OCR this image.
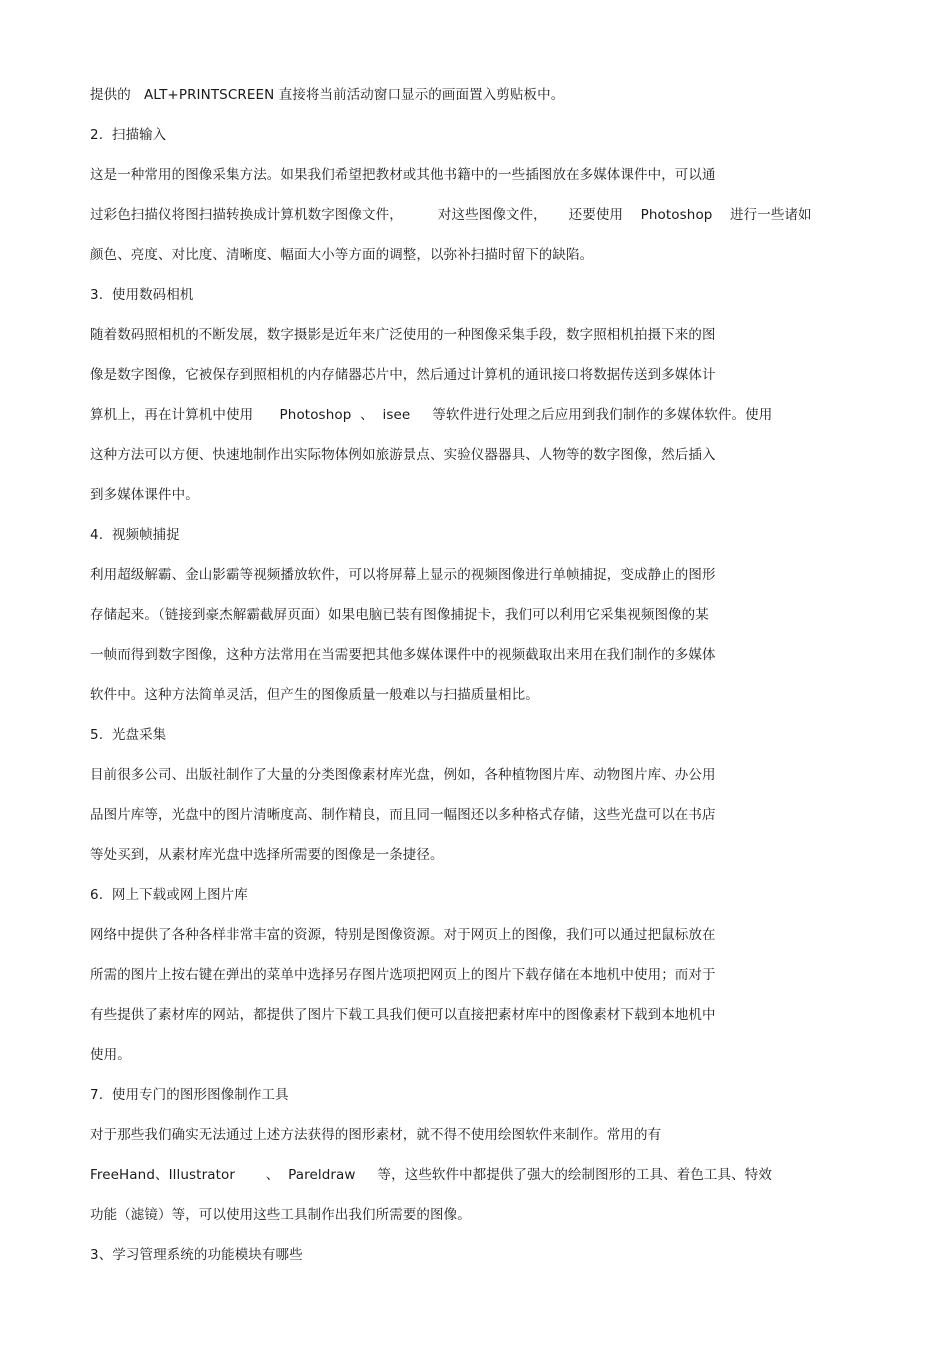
提供的   ALT+PRINTSCREEN 直接将当前活动窗口显示的画面置入剪贴板中。
2.  扫描输入
这是一种常用的图像采集方法。如果我们希望把教材或其他书籍中的一些插图放在多媒体课件中，可以通
过彩色扫描仪将图扫描转换成计算机数字图像文件，        对这些图像文件，     还要使用    Photoshop    进行一些诸如
颜色、亮度、对比度、清晰度、幅面大小等方面的调整，以弥补扫描时留下的缺陷。
3.  使用数码相机
随着数码照相机的不断发展，数字摄影是近年来广泛使用的一种图像采集手段，数字照相机拍摄下来的图
像是数字图像，它被保存到照相机的内存储器芯片中，然后通过计算机的通讯接口将数据传送到多媒体计
算机上，再在计算机中使用      Photoshop  、  isee     等软件进行处理之后应用到我们制作的多媒体软件。使用
这种方法可以方便、快速地制作出实际物体例如旅游景点、实验仪器器具、人物等的数字图像，然后插入
到多媒体课件中。
4.  视频帧捕捉
利用超级解霸、金山影霸等视频播放软件，可以将屏幕上显示的视频图像进行单帧捕捉，变成静止的图形
存储起来。（链接到豪杰解霸截屏页面）如果电脑已装有图像捕捉卡，我们可以利用它采集视频图像的某
一帧而得到数字图像，这种方法常用在当需要把其他多媒体课件中的视频截取出来用在我们制作的多媒体
软件中。这种方法简单灵活，但产生的图像质量一般难以与扫描质量相比。
5.  光盘采集
目前很多公司、出版社制作了大量的分类图像素材库光盘，例如，各种植物图片库、动物图片库、办公用
品图片库等，光盘中的图片清晰度高、制作精良，而且同一幅图还以多种格式存储，这些光盘可以在书店
等处买到，从素材库光盘中选择所需要的图像是一条捷径。
6.  网上下载或网上图片库
网络中提供了各种各样非常丰富的资源，特别是图像资源。对于网页上的图像，我们可以通过把鼠标放在
所需的图片上按右键在弹出的菜单中选择另存图片选项把网页上的图片下载存储在本地机中使用；而对于
有些提供了素材库的网站，都提供了图片下载工具我们便可以直接把素材库中的图像素材下载到本地机中
使用。
7.  使用专门的图形图像制作工具
对于那些我们确实无法通过上述方法获得的图形素材，就不得不使用绘图软件来制作。常用的有
FreeHand、Illustrator       、  Pareldraw     等，这些软件中都提供了强大的绘制图形的工具、着色工具、特效
功能（滤镜）等，可以使用这些工具制作出我们所需要的图像。
3、学习管理系统的功能模块有哪些
